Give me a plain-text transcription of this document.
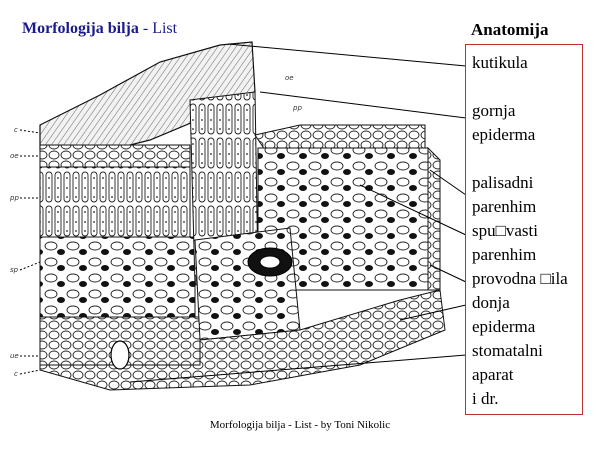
Morfologija bilja - List	Anatomija
c
oe
pp
sp
ue
c
oe
pp
kutikula

gornja
epiderma

palisadni
parenhim
spu□vasti
parenhim
provodna □ila
donja
epiderma
stomatalni
aparat
i dr.
Morfologija bilja - List - by Toni Nikolic
